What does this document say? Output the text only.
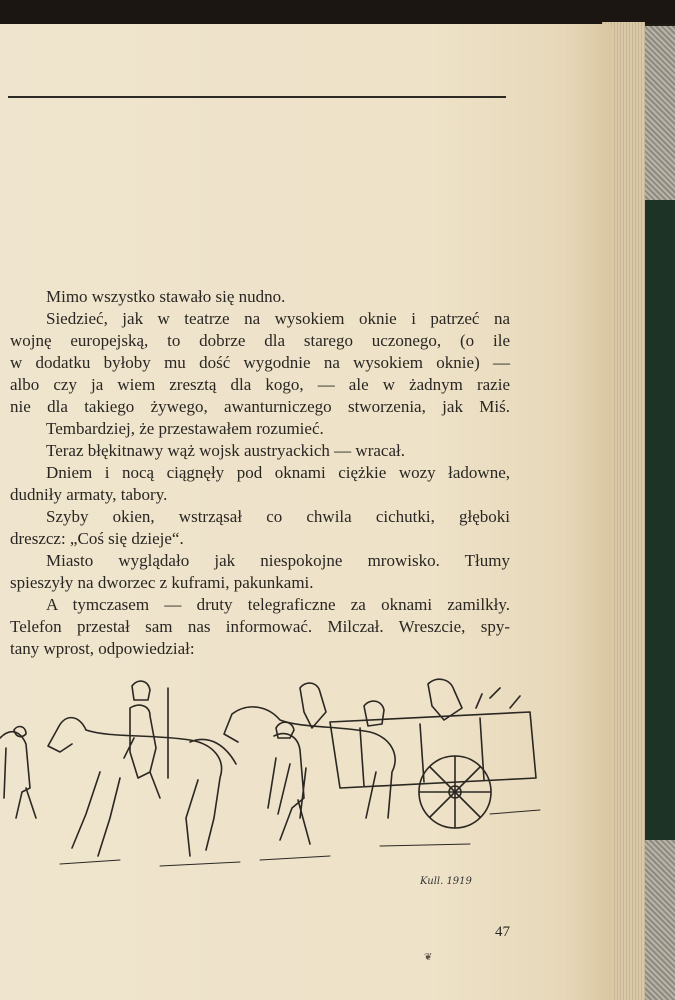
Mimo wszystko stawało się nudno.
Siedzieć, jak w teatrze na wysokiem oknie i patrzeć na
wojnę europejską, to dobrze dla starego uczonego, (o ile
w dodatku byłoby mu dość wygodnie na wysokiem oknie) —
albo czy ja wiem zresztą dla kogo, — ale w żadnym razie
nie dla takiego żywego, awanturniczego stworzenia, jak Miś.
Tembardziej, że przestawałem rozumieć.
Teraz błękitnawy wąż wojsk austryackich — wracał.
Dniem i nocą ciągnęły pod oknami ciężkie wozy ładowne,
dudniły armaty, tabory.
Szyby okien, wstrząsał co chwila cichutki, głęboki
dreszcz: „Coś się dzieje“.
Miasto wyglądało jak niespokojne mrowisko. Tłumy
spieszyły na dworzec z kuframi, pakunkami.
A tymczasem — druty telegraficzne za oknami zamilkły.
Telefon przestał sam nas informować. Milczał. Wreszcie, spy-
tany wprost, odpowiedział:
Kull. 1919
47
❦
